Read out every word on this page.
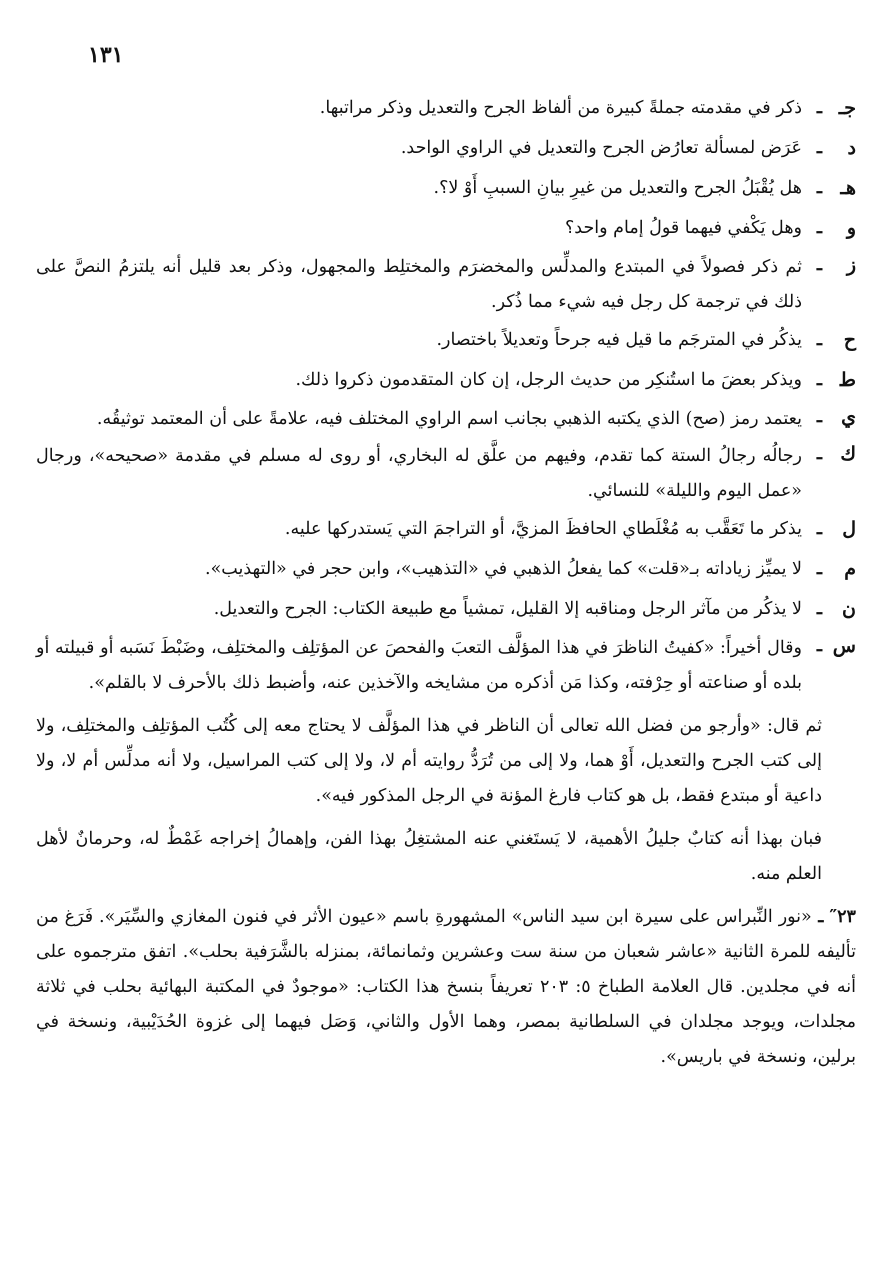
١٣١
جـ
ـ
ذكر في مقدمته جملةً كبيرة من ألفاظ الجرح والتعديل وذكر مراتبها.
د
ـ
عَرَض لمسألة تعارُض الجرح والتعديل في الراوي الواحد.
هـ
ـ
هل يُقْبَلُ الجرح والتعديل من غيرِ بيانِ السببِ أَوْ لا؟.
و
ـ
وهل يَكْفي فيهما قولُ إمام واحد؟
ز
ـ
ثم ذكر فصولاً في المبتدع والمدلِّس والمخضرَم والمختلِط والمجهول، وذكر بعد قليل أنه يلتزمُ النصَّ على ذلك في ترجمة كل رجل فيه شيء مما ذُكر.
ح
ـ
يذكُر في المترجَم ما قيل فيه جرحاً وتعديلاً باختصار.
ط
ـ
ويذكر بعضَ ما استُنكِر من حديث الرجل، إن كان المتقدمون ذكروا ذلك.
ي
ـ
يعتمد رمز (صح) الذي يكتبه الذهبي بجانب اسم الراوي المختلف فيه، علامةً على أن المعتمد توثيقُه.
ك
ـ
رجالُه رجالُ الستة كما تقدم، وفيهم من علَّق له البخاري، أو روى له مسلم في مقدمة «صحيحه»، ورجال «عمل اليوم والليلة» للنسائي.
ل
ـ
يذكر ما تَعَقَّب به مُغْلَطاي الحافظَ المزيَّ، أو التراجمَ التي يَستدركها عليه.
م
ـ
لا يميِّز زياداته بـ«قلت» كما يفعلُ الذهبي في «التذهيب»، وابن حجر في «التهذيب».
ن
ـ
لا يذكُر من مآثر الرجل ومناقبه إلا القليل، تمشياً مع طبيعة الكتاب: الجرح والتعديل.
س
ـ
وقال أخيراً: «كفيتُ الناظرَ في هذا المؤلَّف التعبَ والفحصَ عن المؤتلِف والمختلِف، وضَبْطَ نَسَبه أو قبيلته أو بلده أو صناعته أو حِرْفته، وكذا مَن أذكره من مشايخه والآخذين عنه، وأضبط ذلك بالأحرف لا بالقلم».
ثم قال: «وأرجو من فضل الله تعالى أن الناظر في هذا المؤلَّف لا يحتاج معه إلى كُتُب المؤتلِف والمختلِف، ولا إلى كتب الجرح والتعديل، أَوْ هما، ولا إلى من تُرَدُّ روايته أم لا، ولا إلى كتب المراسيل، ولا أنه مدلِّس أم لا، ولا داعية أو مبتدع فقط، بل هو كتاب فارغ المؤنة في الرجل المذكور فيه».
فبان بهذا أنه كتابٌ جليلُ الأهمية، لا يَستَغني عنه المشتغِلُ بهذا الفن، وإهمالُ إخراجه غَمْطٌ له، وحرمانٌ لأهل العلم منه.
٢٣″ ـ «نور النِّبراس على سيرة ابن سيد الناس» المشهورةِ باسم «عيون الأثر في فنون المغازي والسِّيَر». فَرَغ من تأليفه للمرة الثانية «عاشر شعبان من سنة ست وعشرين وثمانمائة، بمنزله بالشَّرَفية بحلب». اتفق مترجموه على أنه في مجلدين. قال العلامة الطباخ ٥: ٢٠٣ تعريفاً بنسخ هذا الكتاب: «موجودٌ في المكتبة البهائية بحلب في ثلاثة مجلدات، ويوجد مجلدان في السلطانية بمصر، وهما الأول والثاني، وَصَل فيهما إلى غزوة الحُدَيْبية، ونسخة في برلين، ونسخة في باريس».
